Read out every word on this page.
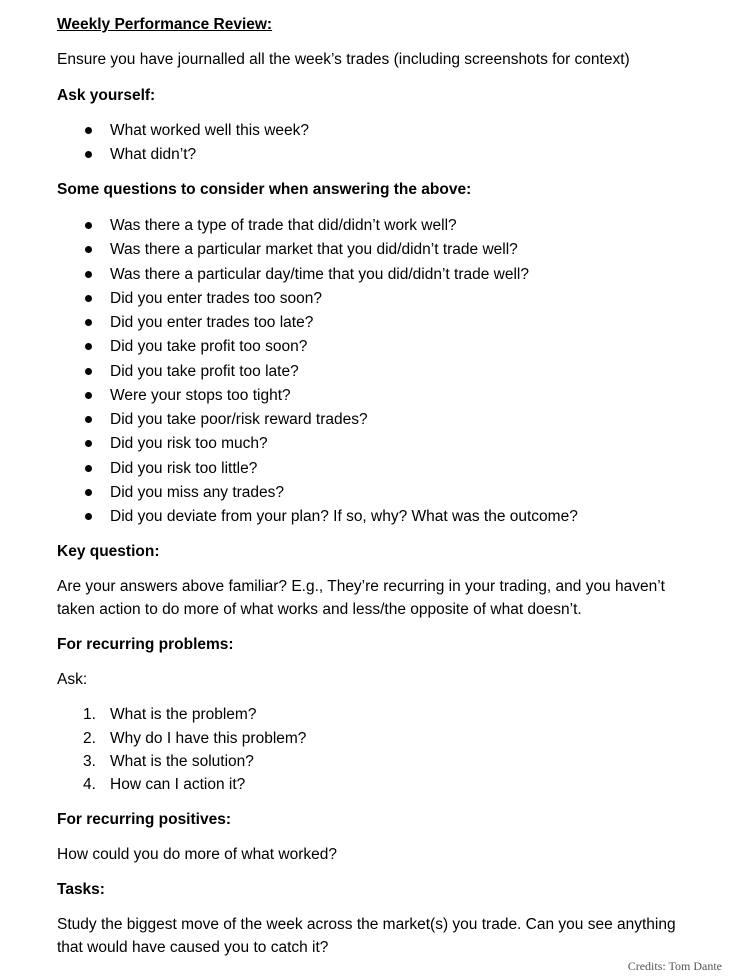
Weekly Performance Review:
Ensure you have journalled all the week’s trades (including screenshots for context)
Ask yourself:
What worked well this week?
What didn’t?
Some questions to consider when answering the above:
Was there a type of trade that did/didn’t work well?
Was there a particular market that you did/didn’t trade well?
Was there a particular day/time that you did/didn’t trade well?
Did you enter trades too soon?
Did you enter trades too late?
Did you take profit too soon?
Did you take profit too late?
Were your stops too tight?
Did you take poor/risk reward trades?
Did you risk too much?
Did you risk too little?
Did you miss any trades?
Did you deviate from your plan? If so, why? What was the outcome?
Key question:
Are your answers above familiar? E.g., They’re recurring in your trading, and you haven’t
taken action to do more of what works and less/the opposite of what doesn’t.
For recurring problems:
Ask:
1. What is the problem?
2. Why do I have this problem?
3. What is the solution?
4. How can I action it?
For recurring positives:
How could you do more of what worked?
Tasks:
Study the biggest move of the week across the market(s) you trade. Can you see anything
that would have caused you to catch it?
Credits: Tom Dante
